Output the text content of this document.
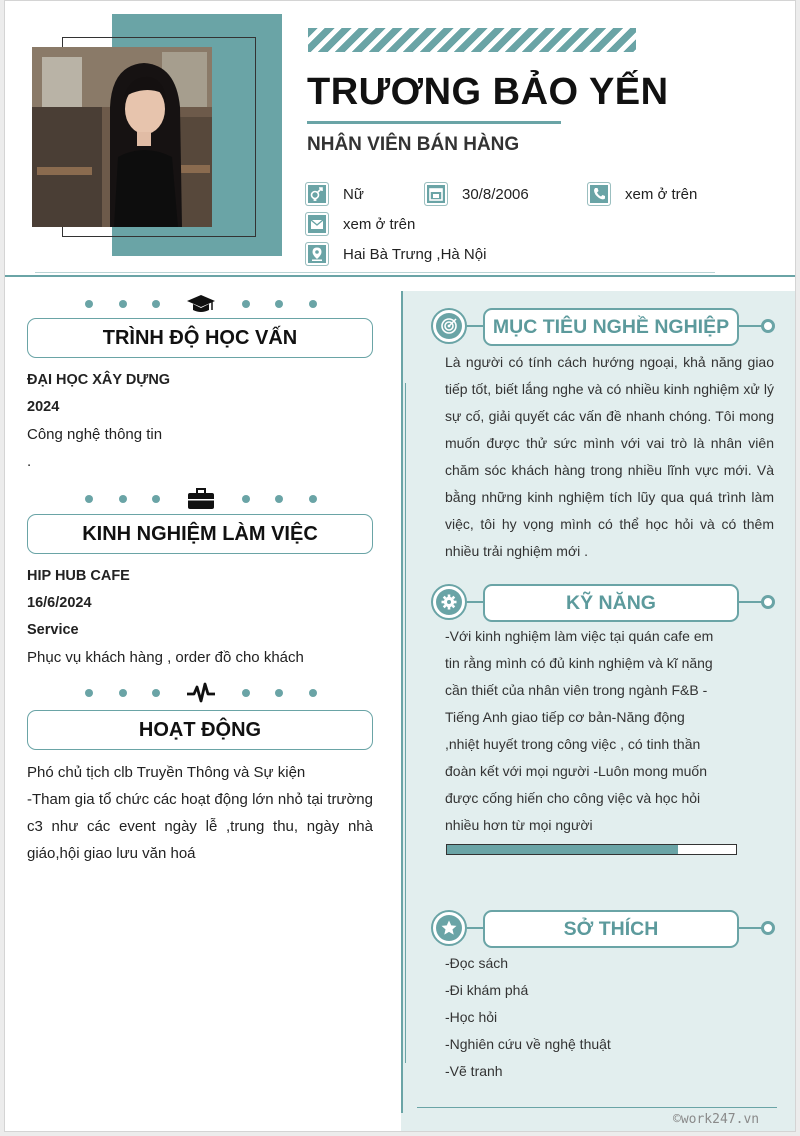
TRƯƠNG BẢO YẾN
NHÂN VIÊN BÁN HÀNG
Nữ	30/8/2006	xem ở trên
xem ở trên
Hai Bà Trưng ,Hà Nội
TRÌNH ĐỘ HỌC VẤN
ĐẠI HỌC XÂY DỰNG
2024
Công nghệ thông tin
.
KINH NGHIỆM LÀM VIỆC
HIP HUB CAFE
16/6/2024
Service
Phục vụ khách hàng , order đồ cho khách
HOẠT ĐỘNG
Phó chủ tịch clb Truyền Thông và Sự kiện
-Tham gia tổ chức các hoạt động lớn nhỏ tại trường c3 như các event ngày lễ ,trung thu, ngày nhà giáo,hội giao lưu văn hoá
MỤC TIÊU NGHỀ NGHIỆP
Là người có tính cách hướng ngoại, khả năng giao tiếp tốt, biết lắng nghe và có nhiều kinh nghiệm xử lý sự cố, giải quyết các vấn đề nhanh chóng. Tôi mong muốn được thử sức mình với vai trò là nhân viên chăm sóc khách hàng trong nhiều lĩnh vực mới. Và bằng những kinh nghiệm tích lũy qua quá trình làm việc, tôi hy vọng mình có thể học hỏi và có thêm nhiều trải nghiệm mới .
KỸ NĂNG
-Với kinh nghiệm làm việc tại quán cafe em
tin rằng mình có đủ kinh nghiệm và kĩ năng
cần thiết của nhân viên trong ngành F&B -
Tiếng Anh giao tiếp cơ bản-Năng động
,nhiệt huyết trong công việc , có tinh thần
đoàn kết với mọi người -Luôn mong muốn
được cống hiến cho công việc và học hỏi
nhiều hơn từ mọi người
SỞ THÍCH
-Đọc sách
-Đi khám phá
-Học hỏi
-Nghiên cứu về nghệ thuật
-Vẽ tranh
©work247.vn
